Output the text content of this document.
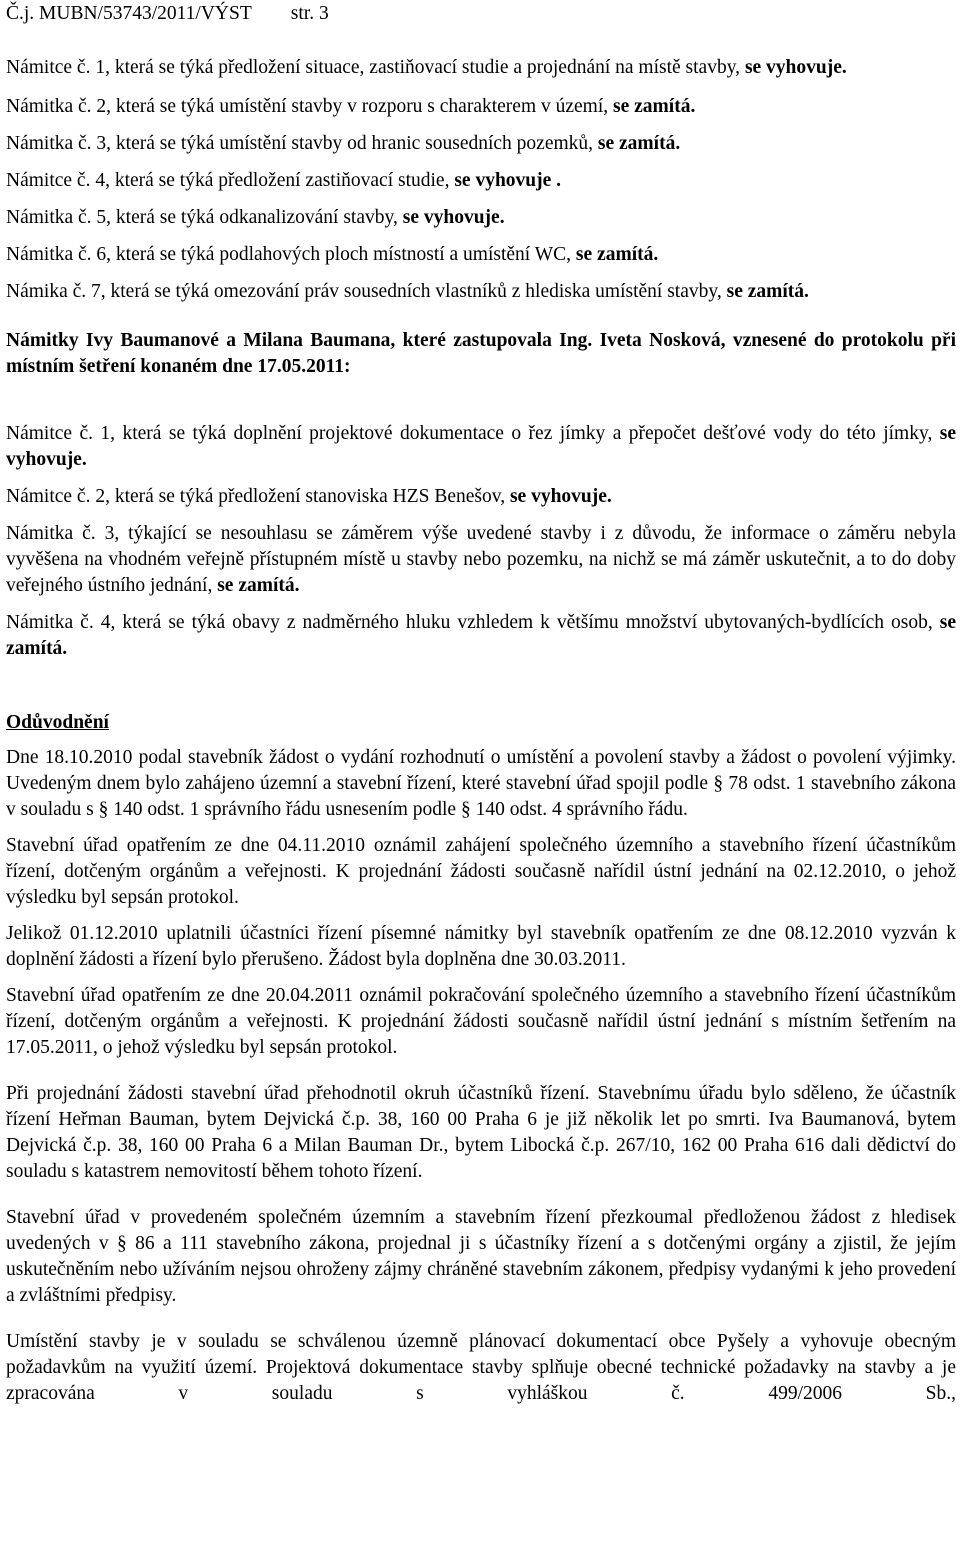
Č.j. MUBN/53743/2011/VÝST str. 3

Námitce č. 1, která se týká předložení situace, zastiňovací studie a projednání na místě stavby, se vyhovuje.

Námitka č. 2, která se týká umístění stavby v rozporu s charakterem v území, se zamítá.

Námitka č. 3, která se týká umístění stavby od hranic sousedních pozemků, se zamítá.

Námitce č. 4, která se týká předložení zastiňovací studie, se vyhovuje .

Námitka č. 5, která se týká odkanalizování stavby, se vyhovuje.

Námitka č. 6, která se týká podlahových ploch místností a umístění WC, se zamítá.

Námika č. 7, která se týká omezování práv sousedních vlastníků z hlediska umístění stavby, se zamítá.

Námitky Ivy Baumanové a Milana Baumana, které zastupovala Ing. Iveta Nosková, vznesené do protokolu při místním šetření konaném dne 17.05.2011:

Námitce č. 1, která se týká doplnění projektové dokumentace o řez jímky a přepočet dešťové vody do této jímky, se vyhovuje.

Námitce č. 2, která se týká předložení stanoviska HZS Benešov, se vyhovuje.

Námitka č. 3, týkající se nesouhlasu se záměrem výše uvedené stavby i z důvodu, že informace o záměru nebyla vyvěšena na vhodném veřejně přístupném místě u stavby nebo pozemku, na nichž se má záměr uskutečnit, a to do doby veřejného ústního jednání, se zamítá.

Námitka č. 4, která se týká obavy z nadměrného hluku vzhledem k většímu množství ubytovaných-bydlících osob, se zamítá.

Odůvodnění

Dne 18.10.2010 podal stavebník žádost o vydání rozhodnutí o umístění a povolení stavby a žádost o povolení výjimky. Uvedeným dnem bylo zahájeno územní a stavební řízení, které stavební úřad spojil podle § 78 odst. 1 stavebního zákona v souladu s § 140 odst. 1 správního řádu usnesením podle § 140 odst. 4 správního řádu.

Stavební úřad opatřením ze dne 04.11.2010 oznámil zahájení společného územního a stavebního řízení účastníkům řízení, dotčeným orgánům a veřejnosti. K projednání žádosti současně nařídil ústní jednání na 02.12.2010, o jehož výsledku byl sepsán protokol.

Jelikož 01.12.2010 uplatnili účastníci řízení písemné námitky byl stavebník opatřením ze dne 08.12.2010 vyzván k doplnění žádosti a řízení bylo přerušeno. Žádost byla doplněna dne 30.03.2011.

Stavební úřad opatřením ze dne 20.04.2011 oznámil pokračování společného územního a stavebního řízení účastníkům řízení, dotčeným orgánům a veřejnosti. K projednání žádosti současně nařídil ústní jednání s místním šetřením na 17.05.2011, o jehož výsledku byl sepsán protokol.

Při projednání žádosti stavební úřad přehodnotil okruh účastníků řízení. Stavebnímu úřadu bylo sděleno, že účastník řízení Heřman Bauman, bytem Dejvická č.p. 38, 160 00 Praha 6 je již několik let po smrti. Iva Baumanová, bytem Dejvická č.p. 38, 160 00 Praha 6 a Milan Bauman Dr., bytem Libocká č.p. 267/10, 162 00 Praha 616 dali dědictví do souladu s katastrem nemovitostí během tohoto řízení.

Stavební úřad v provedeném společném územním a stavebním řízení přezkoumal předloženou žádost z hledisek uvedených v § 86 a 111 stavebního zákona, projednal ji s účastníky řízení a s dotčenými orgány a zjistil, že jejím uskutečněním nebo užíváním nejsou ohroženy zájmy chráněné stavebním zákonem, předpisy vydanými k jeho provedení a zvláštními předpisy.

Umístění stavby je v souladu se schválenou územně plánovací dokumentací obce Pyšely a vyhovuje obecným požadavkům na využití území. Projektová dokumentace stavby splňuje obecné technické požadavky na stavby a je zpracována v souladu s vyhláškou č. 499/2006 Sb.,
